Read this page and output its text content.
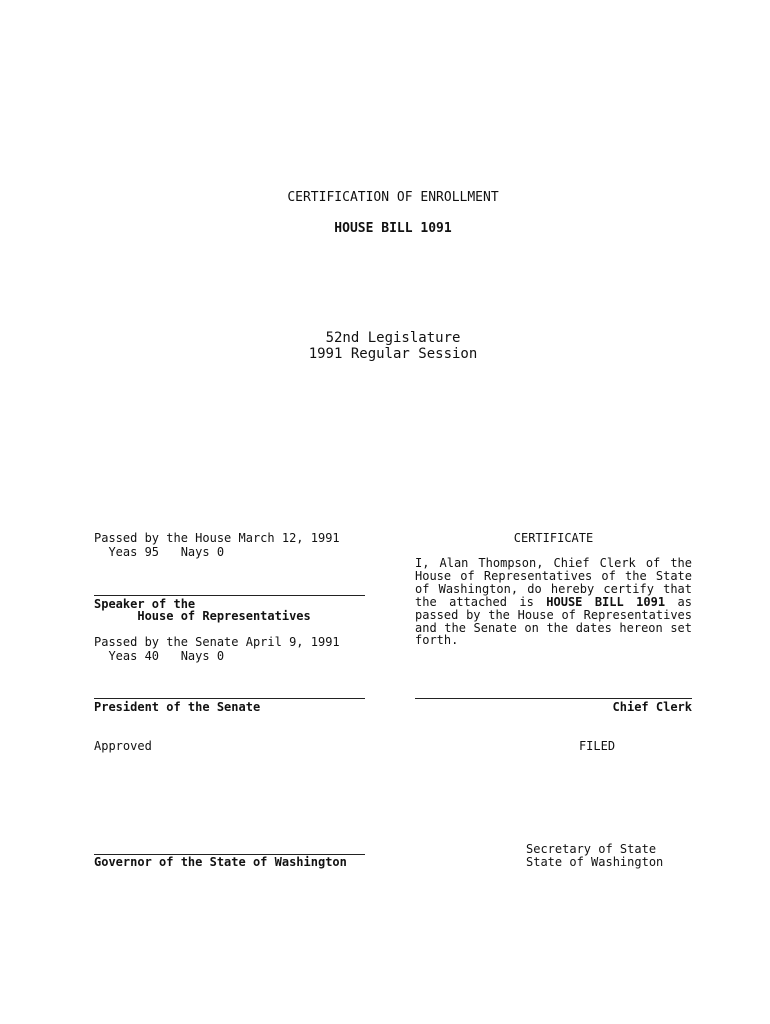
CERTIFICATION OF ENROLLMENT
HOUSE BILL 1091
52nd Legislature
1991 Regular Session
Passed by the House March 12, 1991
Yeas 95   Nays 0
Speaker of the
House of Representatives
Passed by the Senate April 9, 1991
Yeas 40   Nays 0
President of the Senate
Approved
Governor of the State of Washington
CERTIFICATE
I, Alan Thompson, Chief Clerk of the House of Representatives of the State of Washington, do hereby certify that the attached is HOUSE BILL 1091 as passed by the House of Representatives and the Senate on the dates hereon set forth.
Chief Clerk
FILED
Secretary of State
State of Washington
